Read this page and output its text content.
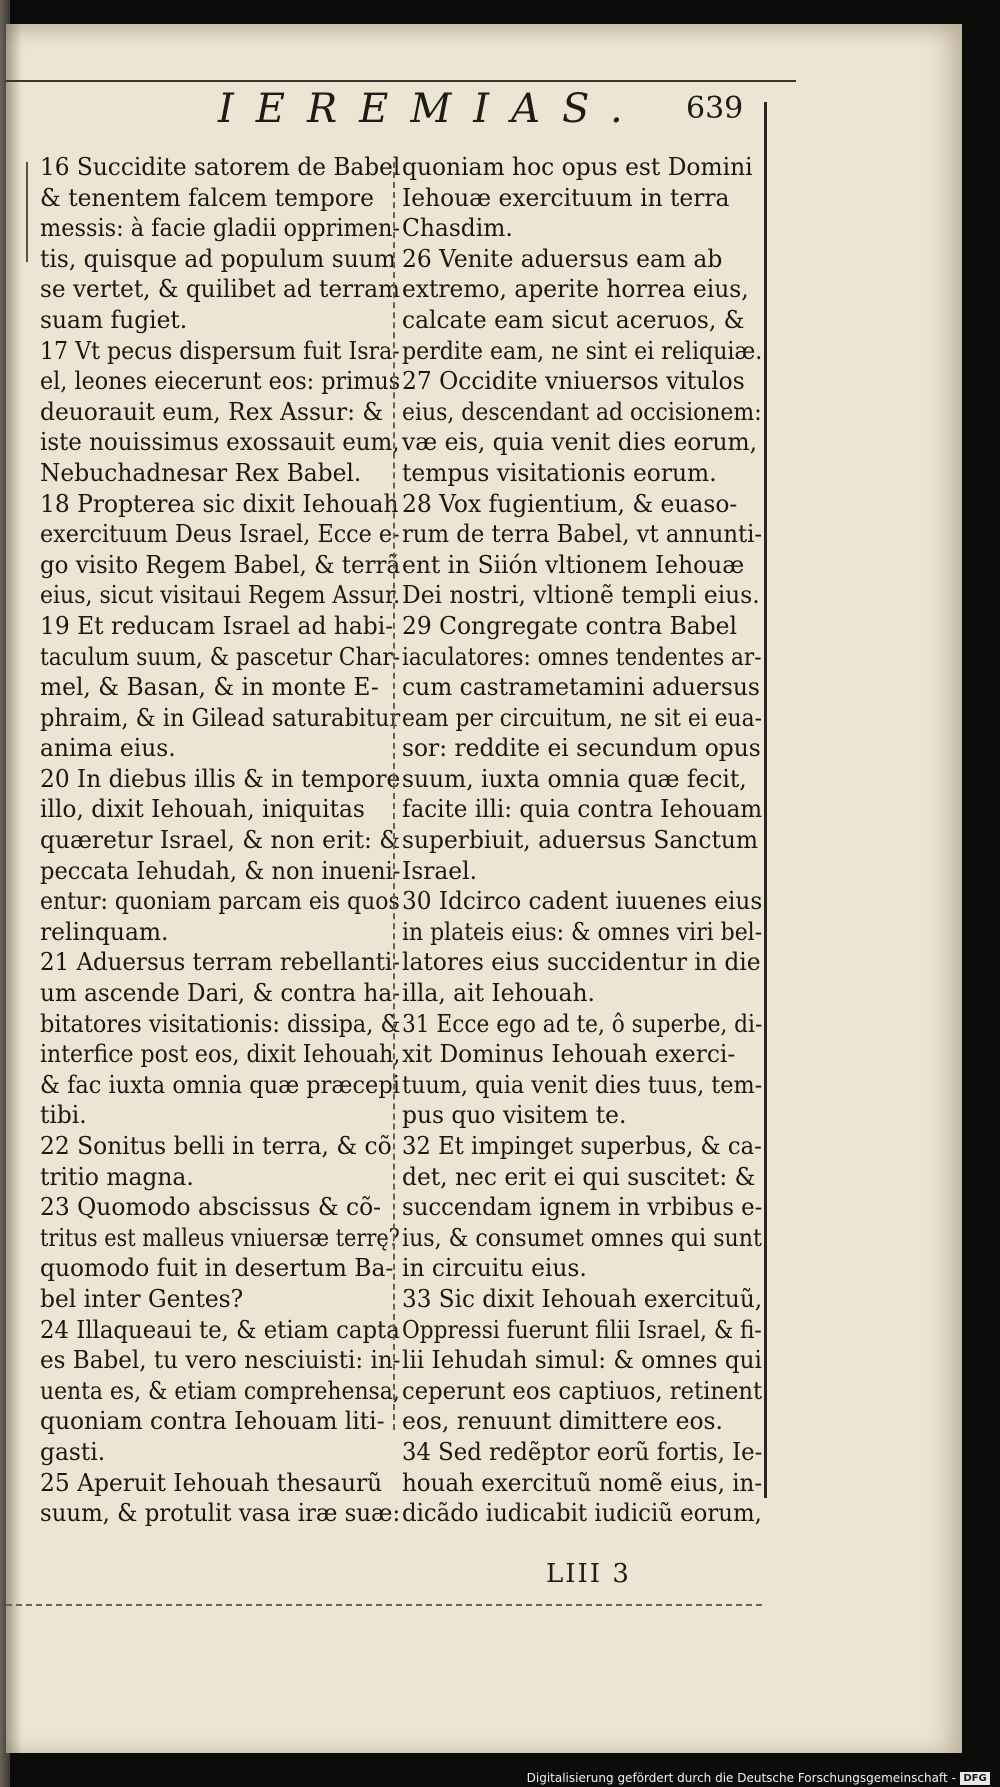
IEREMIAS. 639
16 Succidite satorem de Babel
& tenentem falcem tempore
messis: à facie gladii opprimen-
tis, quisque ad populum suum
se vertet, & quilibet ad terram
suam fugiet.
17 Vt pecus dispersum fuit Isra-
el, leones eiecerunt eos: primus
deuorauit eum, Rex Assur: &
iste nouissimus exossauit eum,
Nebuchadnesar Rex Babel.
18 Propterea sic dixit Iehouah
exercituum Deus Israel, Ecce e-
go visito Regem Babel, & terrã
eius, sicut visitaui Regem Assur.
19 Et reducam Israel ad habi-
taculum suum, & pascetur Char-
mel, & Basan, & in monte E-
phraim, & in Gilead saturabitur
anima eius.
20 In diebus illis & in tempore
illo, dixit Iehouah, iniquitas
quæretur Israel, & non erit: &
peccata Iehudah, & non inueni-
entur: quoniam parcam eis quos
relinquam.
21 Aduersus terram rebellanti-
um ascende Dari, & contra ha-
bitatores visitationis: dissipa, &
interfice post eos, dixit Iehouah,
& fac iuxta omnia quæ præcepi
tibi.
22 Sonitus belli in terra, & cõ
tritio magna.
23 Quomodo abscissus & cõ-
tritus est malleus vniuersæ terrę?
quomodo fuit in desertum Ba-
bel inter Gentes?
24 Illaqueaui te, & etiam capta
es Babel, tu vero nesciuisti: in-
uenta es, & etiam comprehensa,
quoniam contra Iehouam liti-
gasti.
25 Aperuit Iehouah thesaurũ
suum, & protulit vasa iræ suæ:
quoniam hoc opus est Domini
Iehouæ exercituum in terra
Chasdim.
26 Venite aduersus eam ab
extremo, aperite horrea eius,
calcate eam sicut aceruos, &
perdite eam, ne sint ei reliquiæ.
27 Occidite vniuersos vitulos
eius, descendant ad occisionem:
væ eis, quia venit dies eorum,
tempus visitationis eorum.
28 Vox fugientium, & euaso-
rum de terra Babel, vt annunti-
ent in Siión vltionem Iehouæ
Dei nostri, vltionẽ templi eius.
29 Congregate contra Babel
iaculatores: omnes tendentes ar-
cum castrametamini aduersus
eam per circuitum, ne sit ei eua-
sor: reddite ei secundum opus
suum, iuxta omnia quæ fecit,
facite illi: quia contra Iehouam
superbiuit, aduersus Sanctum
Israel.
30 Idcirco cadent iuuenes eius
in plateis eius: & omnes viri bel-
latores eius succidentur in die
illa, ait Iehouah.
31 Ecce ego ad te, ô superbe, di-
xit Dominus Iehouah exerci-
tuum, quia venit dies tuus, tem-
pus quo visitem te.
32 Et impinget superbus, & ca-
det, nec erit ei qui suscitet: &
succendam ignem in vrbibus e-
ius, & consumet omnes qui sunt
in circuitu eius.
33 Sic dixit Iehouah exercituũ,
Oppressi fuerunt filii Israel, & fi-
lii Iehudah simul: & omnes qui
ceperunt eos captiuos, retinent
eos, renuunt dimittere eos.
34 Sed redẽptor eorũ fortis, Ie-
houah exercituũ nomẽ eius, in-
dicãdo iudicabit iudiciũ eorum,
LIII 3
Digitalisierung gefördert durch die Deutsche Forschungsgemeinschaft - DFG
